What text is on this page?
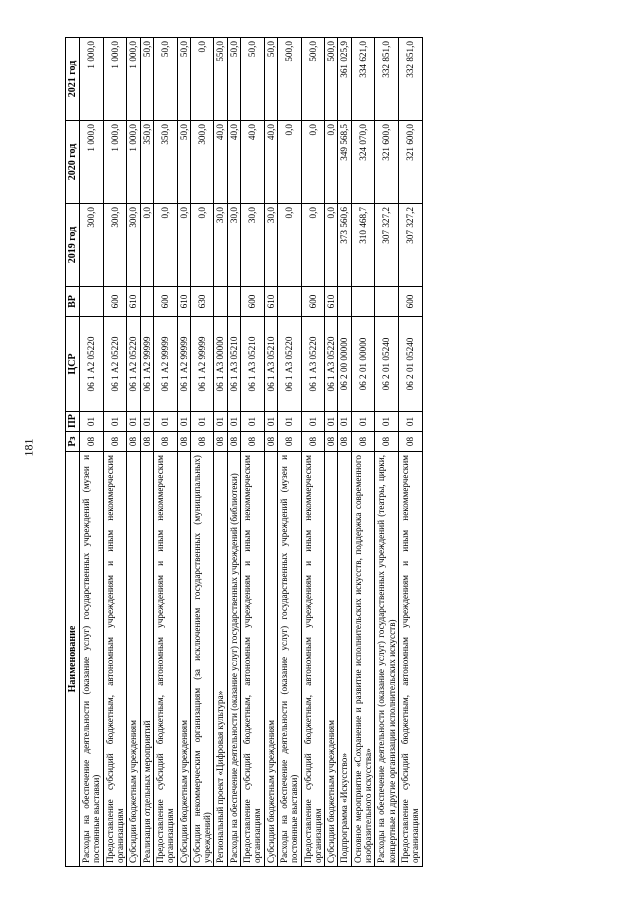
181
Наименование	Рз	ПР	ЦСР	ВР	2019 год	2020 год	2021 год
Расходы на обеспечение деятельности (оказание услуг) государственных учреждений (музеи и постоянные выставки)	08	01	06 1 А2 05220		300,0	1 000,0	1 000,0
Предоставление субсидий бюджетным, автономным учреждениям и иным некоммерческим организациям	08	01	06 1 А2 05220	600	300,0	1 000,0	1 000,0
Субсидии бюджетным учреждениям	08	01	06 1 А2 05220	610	300,0	1 000,0	1 000,0
Реализация отдельных мероприятий	08	01	06 1 А2 99999		0,0	350,0	50,0
Предоставление субсидий бюджетным, автономным учреждениям и иным некоммерческим организациям	08	01	06 1 А2 99999	600	0,0	350,0	50,0
Субсидии бюджетным учреждениям	08	01	06 1 А2 99999	610	0,0	50,0	50,0
Субсидии некоммерческим организациям (за исключением государственных (муниципальных) учреждений)	08	01	06 1 А2 99999	630	0,0	300,0	0,0
Региональный проект «Цифровая культура»	08	01	06 1 А3 00000		30,0	40,0	550,0
Расходы на обеспечение деятельности (оказание услуг) государственных учреждений (библиотеки)	08	01	06 1 А3 05210		30,0	40,0	50,0
Предоставление субсидий бюджетным, автономным учреждениям и иным некоммерческим организациям	08	01	06 1 А3 05210	600	30,0	40,0	50,0
Субсидии бюджетным учреждениям	08	01	06 1 А3 05210	610	30,0	40,0	50,0
Расходы на обеспечение деятельности (оказание услуг) государственных учреждений (музеи и постоянные выставки)	08	01	06 1 А3 05220		0,0	0,0	500,0
Предоставление субсидий бюджетным, автономным учреждениям и иным некоммерческим организациям	08	01	06 1 А3 05220	600	0,0	0,0	500,0
Субсидии бюджетным учреждениям	08	01	06 1 А3 05220	610	0,0	0,0	500,0
Подпрограмма «Искусство»	08	01	06 2 00 00000		373 560,6	349 568,5	361 025,9
Основное мероприятие «Сохранение и развитие исполнительских искусств, поддержка современного изобразительного искусства»	08	01	06 2 01 00000		310 468,7	324 070,0	334 621,0
Расходы на обеспечение деятельности (оказание услуг) государственных учреждений (театры, цирки, концертные и другие организации исполнительских искусств)	08	01	06 2 01 05240		307 327,2	321 600,0	332 851,0
Предоставление субсидий бюджетным, автономным учреждениям и иным некоммерческим организациям	08	01	06 2 01 05240	600	307 327,2	321 600,0	332 851,0
